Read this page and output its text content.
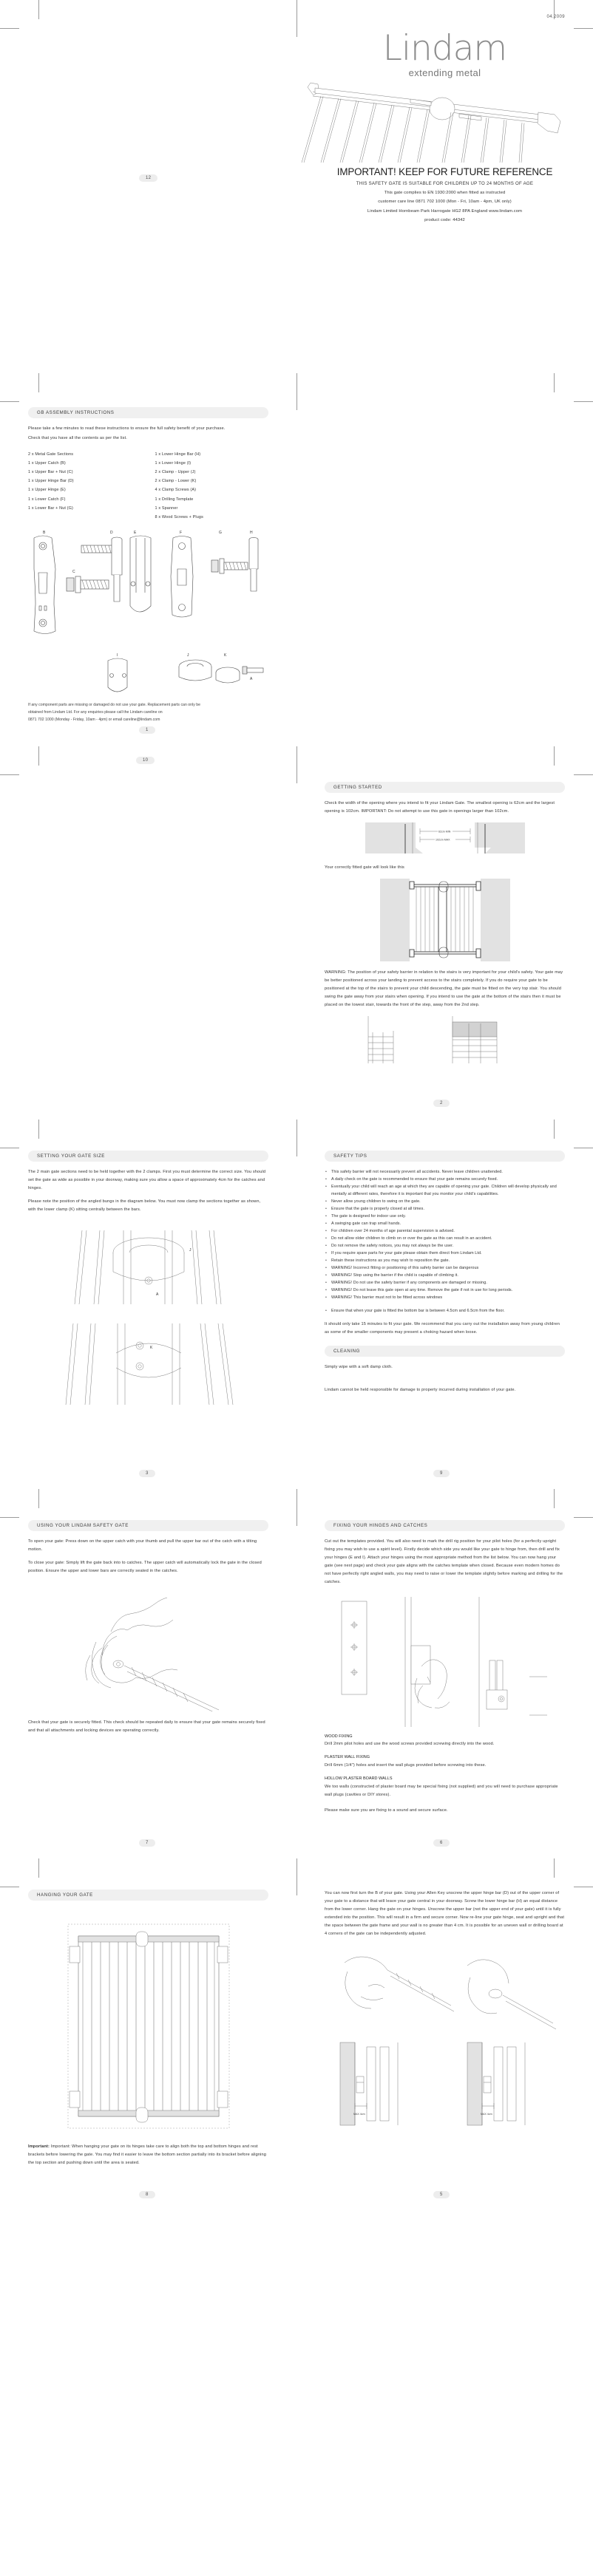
04.2009
Lindam
extending metal
IMPORTANT! KEEP FOR FUTURE REFERENCE
THIS SAFETY GATE IS SUITABLE FOR CHILDREN UP TO 24 MONTHS OF AGE
This gate complies to EN 1930:2000 when fitted as instructed
customer care line 0871 702 1000 (Mon - Fri, 10am - 4pm, UK only)
Lindam Limited Hornbeam Park Harrogate HG2 8PA England www.lindam.com
product code: 44342
12
GB ASSEMBLY INSTRUCTIONS
Please take a few minutes to read these instructions to ensure the full safety benefit of your purchase.
Check that you have all the contents as per the list.
2 x Metal Gate Sections
1 x Upper Catch (B)
1 x Upper Bar + Nut (C)
1 x Upper Hinge Bar (D)
1 x Upper Hinge (E)
1 x Lower Catch (F)
1 x Lower Bar + Nut (G)
1 x Lower Hinge Bar (H)
1 x Lower Hinge (I)
2 x Clamp - Upper (J)
2 x Clamp - Lower (K)
4 x Clamp Screws (A)
1 x Drilling Template
1 x Spanner
8 x Wood Screws + Plugs
B
C
D	E	F	G	H
I	J	K
A
If any component parts are missing or damaged do not use your gate. Replacement parts can only be
obtained from Lindam Ltd. For any enquiries please call the Lindam careline on
0871 702 1000 (Monday - Friday, 10am - 4pm) or email careline@lindam.com
1
10
GETTING STARTED
Check the width of the opening where you intend to fit your Lindam Gate. The smallest opening is 62cm and the largest opening is 102cm. IMPORTANT: Do not attempt to use this gate in openings larger than 102cm.
62cm MIN
102cm MAX
Your correctly fitted gate will look like this
WARNING: The position of your safety barrier in relation to the stairs is very important for your child's safety. Your gate may be better positioned across your landing to prevent access to the stairs completely. If you do require your gate to be positioned at the top of the stairs to prevent your child descending, the gate must be fitted on the very top stair. You should swing the gate away from your stairs when opening. If you intend to use the gate at the bottom of the stairs then it must be placed on the lowest stair, towards the front of the step, away from the 2nd step.
2
SETTING YOUR GATE SIZE
The 2 main gate sections need to be held together with the 2 clamps. First you must determine the correct size. You should set the gate as wide as possible in your doorway, making sure you allow a space of approximately 4cm for the catches and hinges.
Please note the position of the angled bungs in the diagram below. You must now clamp the sections together as shown, with the lower clamp (K) sitting centrally between the bars.
J
A
K
SAFETY TIPS
• This safety barrier will not necessarily prevent all accidents. Never leave children unattended.
• A daily check on the gate is recommended to ensure that your gate remains securely fixed.
• Eventually your child will reach an age at which they are capable of opening your gate. Children will develop physically and mentally at different rates, therefore it is important that you monitor your child's capabilities.
• Never allow young children to swing on the gate.
• Ensure that the gate is properly closed at all times.
• The gate is designed for indoor use only.
• A swinging gate can trap small hands.
• For children over 24 months of age parental supervision is advised.
• Do not allow older children to climb on or over the gate as this can result in an accident.
• Do not remove the safety notices, you may not always be the user.
• If you require spare parts for your gate please obtain them direct from Lindam Ltd.
• Retain these instructions as you may wish to reposition the gate.
• WARNING! Incorrect fitting or positioning of this safety barrier can be dangerous
• WARNING! Stop using the barrier if the child is capable of climbing it.
• WARNING! Do not use the safety barrier if any components are damaged or missing.
• WARNING! Do not leave this gate open at any time. Remove the gate if not in use for long periods.
• WARNING! This barrier must not to be fitted across windows
• Ensure that when your gate is fitted the bottom bar is between 4.5cm and 6.5cm from the floor.
It should only take 15 minutes to fit your gate. We recommend that you carry out the installation away from young children as some of the smaller components may present a choking hazard when loose.
CLEANING
Simply wipe with a soft damp cloth.
Lindam cannot be held responsible for damage to property incurred during installation of your gate.
3	9
USING YOUR LINDAM SAFETY GATE
To open your gate: Press down on the upper catch with your thumb and pull the upper bar out of the catch with a tilting motion.
To close your gate: Simply lift the gate back into to catches. The upper catch will automatically lock the gate in the closed position. Ensure the upper and lower bars are correctly seated in the catches.
Check that your gate is securely fitted. This check should be repeated daily to ensure that your gate remains securely fixed and that all attachments and locking devices are operating correctly.
FIXING YOUR HINGES AND CATCHES
Cut out the templates provided. You will also need to mark the drill rig position for your pilot holes (for a perfectly upright fixing you may wish to use a spirit level). Firstly decide which side you would like your gate to hinge from, then drill and fix your hinges (E and I). Attach your hinges using the most appropriate method from the list below. You can now hang your gate (see next page) and check your gate aligns with the catches template when closed. Because even modern homes do not have perfectly right angled walls, you may need to raise or lower the template slightly before marking and drilling for the catches.
WOOD FIXING
Drill 2mm pilot holes and use the wood screws provided screwing directly into the wood.
PLASTER WALL FIXING
Drill 6mm (1/4") holes and insert the wall plugs provided before screwing into these.
HOLLOW PLASTER BOARD WALLS
We too walls (constructed of plaster board may be special fixing (not supplied) and you will need to purchase appropriate wall plugs (cavities or DIY stores).
Please make sure you are fixing to a sound and secure surface.
7	6
HANGING YOUR GATE
Important: Important: When hanging your gate on its hinges take care to align both the top and bottom hinges and rest brackets before lowering the gate. You may find it easier to leave the bottom section partially into its bracket before aligning the top section and pushing down until the area is seated.
You can now first turn the B of your gate. Using your Allen Key unscrew the upper hinge bar (D) out of the upper corner of your gate to a distance that will leave your gate central in your doorway. Screw the lower hinge bar (H) an equal distance from the lower corner. Hang the gate on your hinges. Unscrew the upper bar (not the upper end of your gate) until it is fully extended into the position. This will result in a firm and secure corner. Now re-line your gate hinge, seat and upright and that the space between the gate frame and your wall is no greater than 4 cm. It is possible for an uneven wall or drilling board at 4 corners of the gate can be independently adjusted.
MAX 4cm	MAX 4cm
8	5
